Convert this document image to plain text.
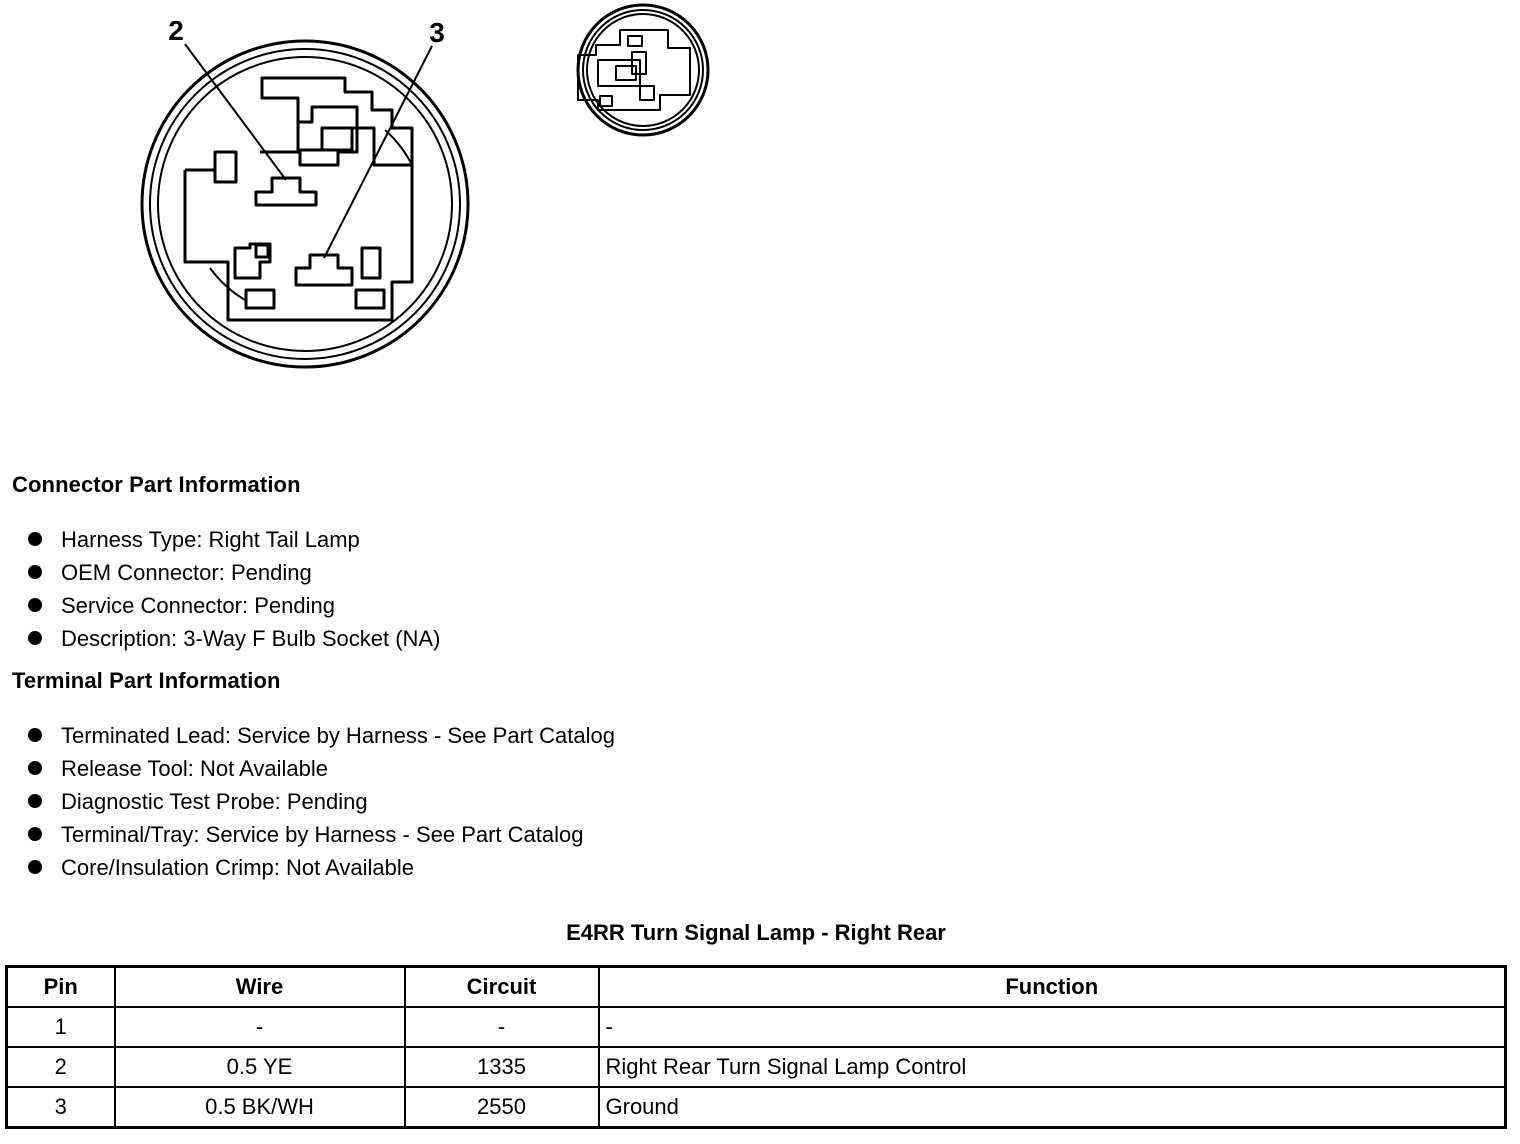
2	3
Connector Part Information
Harness Type: Right Tail Lamp
OEM Connector: Pending
Service Connector: Pending
Description: 3-Way F Bulb Socket (NA)
Terminal Part Information
Terminated Lead: Service by Harness - See Part Catalog
Release Tool: Not Available
Diagnostic Test Probe: Pending
Terminal/Tray: Service by Harness - See Part Catalog
Core/Insulation Crimp: Not Available
E4RR Turn Signal Lamp - Right Rear
Pin	Wire	Circuit	Function
1	-	-	-
2	0.5 YE	1335	Right Rear Turn Signal Lamp Control
3	0.5 BK/WH	2550	Ground
